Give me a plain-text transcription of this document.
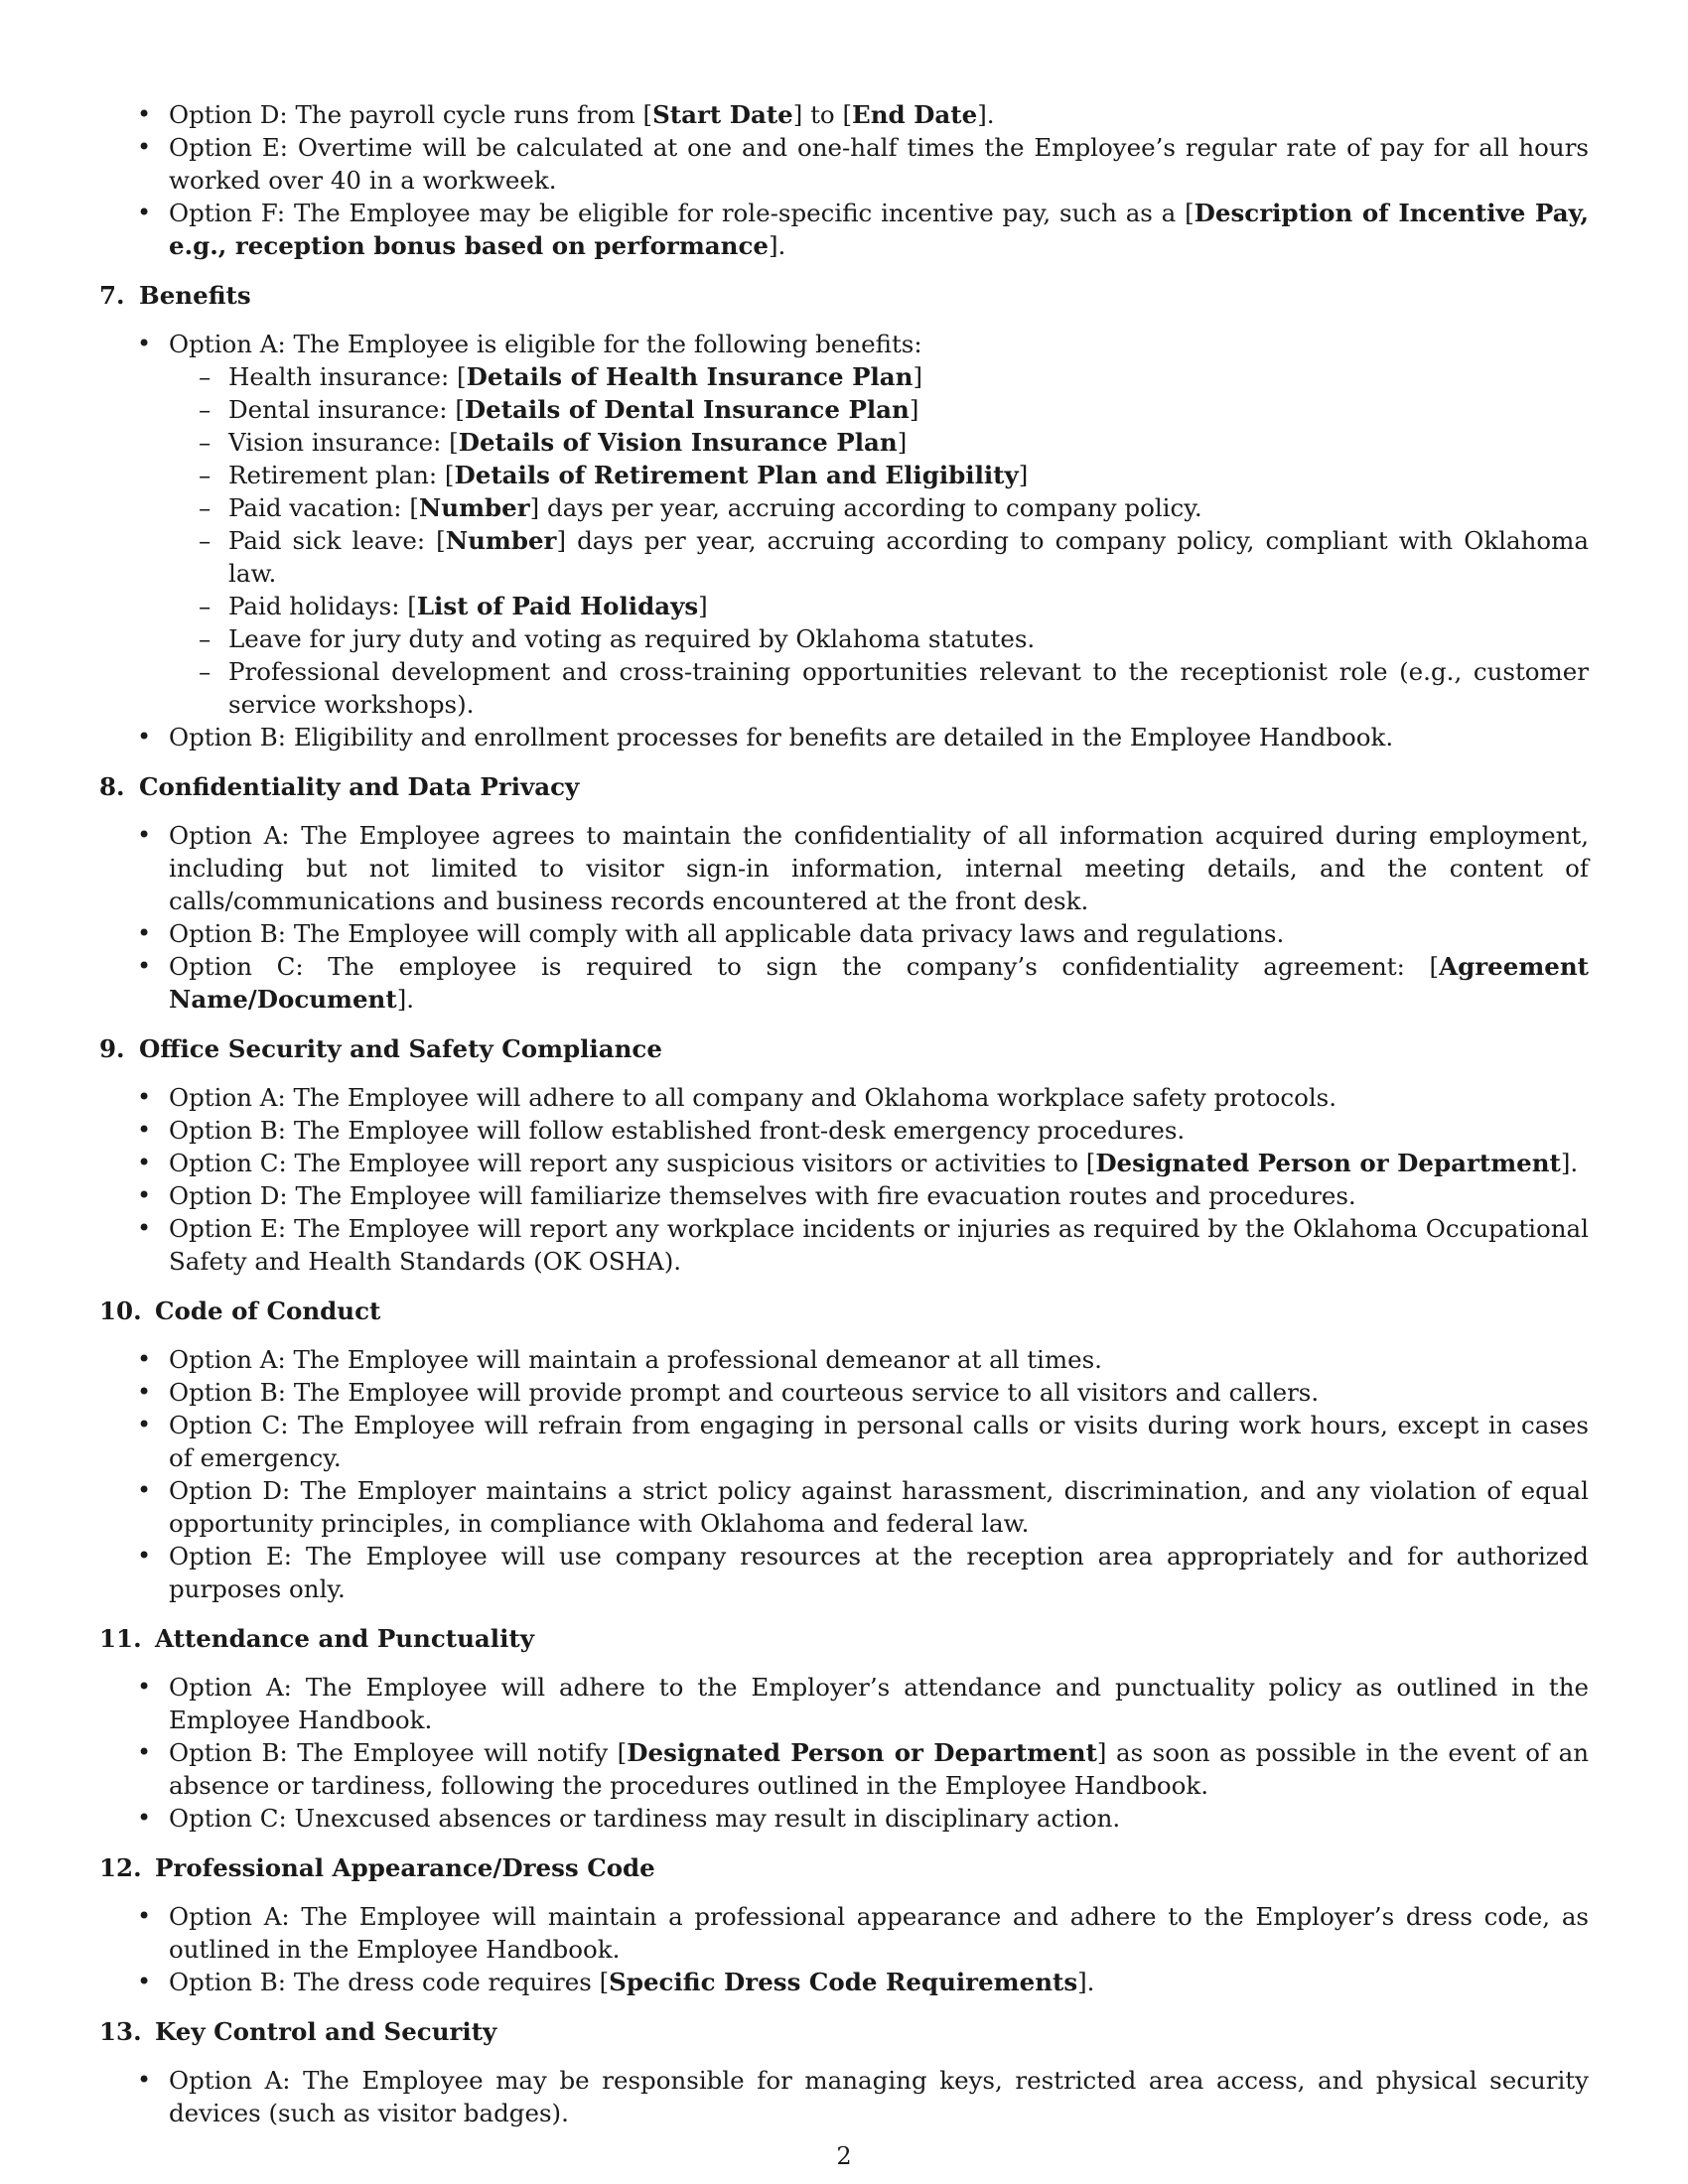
• Option D: The payroll cycle runs from [Start Date] to [End Date].
• Option E: Overtime will be calculated at one and one-half times the Employee’s regular rate of pay for all hours worked over 40 in a workweek.
• Option F: The Employee may be eligible for role-specific incentive pay, such as a [Description of Incentive Pay, e.g., reception bonus based on performance].
7. Benefits
• Option A: The Employee is eligible for the following benefits:
– Health insurance: [Details of Health Insurance Plan]
– Dental insurance: [Details of Dental Insurance Plan]
– Vision insurance: [Details of Vision Insurance Plan]
– Retirement plan: [Details of Retirement Plan and Eligibility]
– Paid vacation: [Number] days per year, accruing according to company policy.
– Paid sick leave: [Number] days per year, accruing according to company policy, compliant with Oklahoma law.
– Paid holidays: [List of Paid Holidays]
– Leave for jury duty and voting as required by Oklahoma statutes.
– Professional development and cross-training opportunities relevant to the receptionist role (e.g., customer service workshops).
• Option B: Eligibility and enrollment processes for benefits are detailed in the Employee Handbook.
8. Confidentiality and Data Privacy
• Option A: The Employee agrees to maintain the confidentiality of all information acquired during employment, including but not limited to visitor sign-in information, internal meeting details, and the content of calls/communications and business records encountered at the front desk.
• Option B: The Employee will comply with all applicable data privacy laws and regulations.
• Option C: The employee is required to sign the company’s confidentiality agreement: [Agreement Name/Document].
9. Office Security and Safety Compliance
• Option A: The Employee will adhere to all company and Oklahoma workplace safety protocols.
• Option B: The Employee will follow established front-desk emergency procedures.
• Option C: The Employee will report any suspicious visitors or activities to [Designated Person or Department].
• Option D: The Employee will familiarize themselves with fire evacuation routes and procedures.
• Option E: The Employee will report any workplace incidents or injuries as required by the Oklahoma Occupational Safety and Health Standards (OK OSHA).
10. Code of Conduct
• Option A: The Employee will maintain a professional demeanor at all times.
• Option B: The Employee will provide prompt and courteous service to all visitors and callers.
• Option C: The Employee will refrain from engaging in personal calls or visits during work hours, except in cases of emergency.
• Option D: The Employer maintains a strict policy against harassment, discrimination, and any violation of equal opportunity principles, in compliance with Oklahoma and federal law.
• Option E: The Employee will use company resources at the reception area appropriately and for authorized purposes only.
11. Attendance and Punctuality
• Option A: The Employee will adhere to the Employer’s attendance and punctuality policy as outlined in the Employee Handbook.
• Option B: The Employee will notify [Designated Person or Department] as soon as possible in the event of an absence or tardiness, following the procedures outlined in the Employee Handbook.
• Option C: Unexcused absences or tardiness may result in disciplinary action.
12. Professional Appearance/Dress Code
• Option A: The Employee will maintain a professional appearance and adhere to the Employer’s dress code, as outlined in the Employee Handbook.
• Option B: The dress code requires [Specific Dress Code Requirements].
13. Key Control and Security
• Option A: The Employee may be responsible for managing keys, restricted area access, and physical security devices (such as visitor badges).
2
